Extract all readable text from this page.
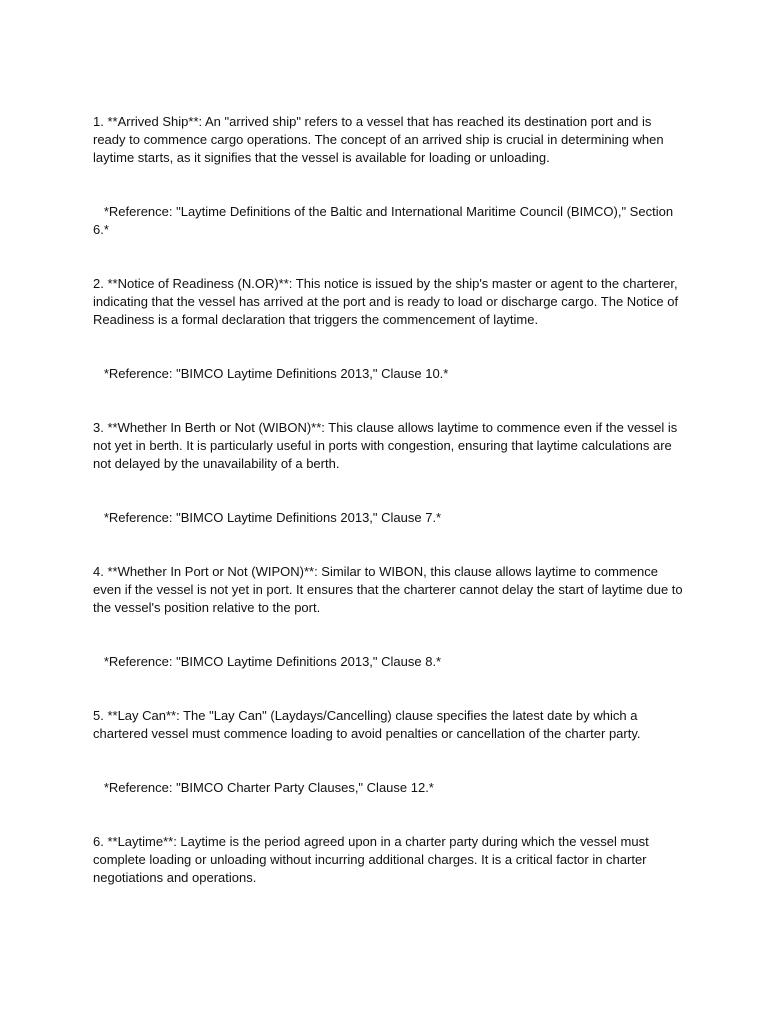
1. **Arrived Ship**: An "arrived ship" refers to a vessel that has reached its destination port and is ready to commence cargo operations. The concept of an arrived ship is crucial in determining when laytime starts, as it signifies that the vessel is available for loading or unloading.

*Reference: "Laytime Definitions of the Baltic and International Maritime Council (BIMCO)," Section 6.*

2. **Notice of Readiness (N.OR)**: This notice is issued by the ship's master or agent to the charterer, indicating that the vessel has arrived at the port and is ready to load or discharge cargo. The Notice of Readiness is a formal declaration that triggers the commencement of laytime.

*Reference: "BIMCO Laytime Definitions 2013," Clause 10.*

3. **Whether In Berth or Not (WIBON)**: This clause allows laytime to commence even if the vessel is not yet in berth. It is particularly useful in ports with congestion, ensuring that laytime calculations are not delayed by the unavailability of a berth.

*Reference: "BIMCO Laytime Definitions 2013," Clause 7.*

4. **Whether In Port or Not (WIPON)**: Similar to WIBON, this clause allows laytime to commence even if the vessel is not yet in port. It ensures that the charterer cannot delay the start of laytime due to the vessel's position relative to the port.

*Reference: "BIMCO Laytime Definitions 2013," Clause 8.*

5. **Lay Can**: The "Lay Can" (Laydays/Cancelling) clause specifies the latest date by which a chartered vessel must commence loading to avoid penalties or cancellation of the charter party.

*Reference: "BIMCO Charter Party Clauses," Clause 12.*

6. **Laytime**: Laytime is the period agreed upon in a charter party during which the vessel must complete loading or unloading without incurring additional charges. It is a critical factor in charter negotiations and operations.
